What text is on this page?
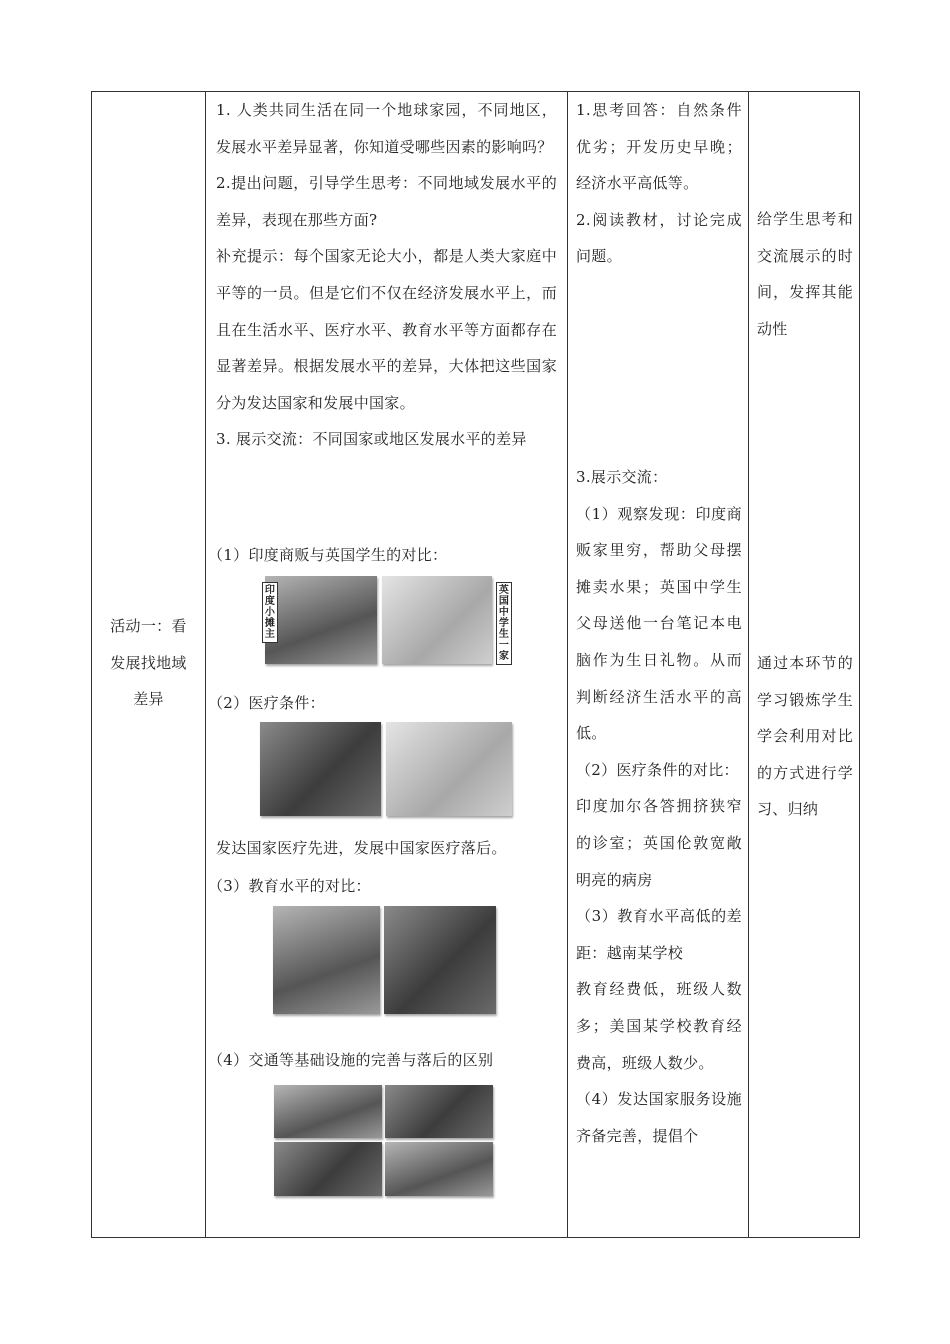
活动一：看发展找地域差异

1. 人类共同生活在同一个地球家园，不同地区，发展水平差异显著，你知道受哪些因素的影响吗？

2.提出问题，引导学生思考：不同地域发展水平的差异，表现在那些方面?

补充提示：每个国家无论大小，都是人类大家庭中平等的一员。但是它们不仅在经济发展水平上，而且在生活水平、医疗水平、教育水平等方面都存在显著差异。根据发展水平的差异，大体把这些国家分为发达国家和发展中国家。

3. 展示交流：不同国家或地区发展水平的差异

（1）印度商贩与英国学生的对比：

印度小摊主
英国中学生一家

（2）医疗条件：

发达国家医疗先进，发展中国家医疗落后。

（3）教育水平的对比：

（4）交通等基础设施的完善与落后的区别

1.思考回答：自然条件 优劣；开发历史早晚；经济水平高低等。

2.阅读教材，讨论完成问题。

3.展示交流：

（1）观察发现：印度商贩家里穷，帮助父母摆摊卖水果；英国中学生父母送他一台笔记本电脑作为生日礼物。从而判断经济生活水平的高低。

（2）医疗条件的对比：

印度加尔各答拥挤狭窄的诊室；英国伦敦宽敞明亮的病房

（3）教育水平高低的差距：越南某学校

教育经费低，班级人数多；美国某学校教育经费高，班级人数少。

（4）发达国家服务设施齐备完善，提倡个

给学生思考和交流展示的时间，发挥其能动性

通过本环节的学习锻炼学生学会利用对比的方式进行学习、归纳
